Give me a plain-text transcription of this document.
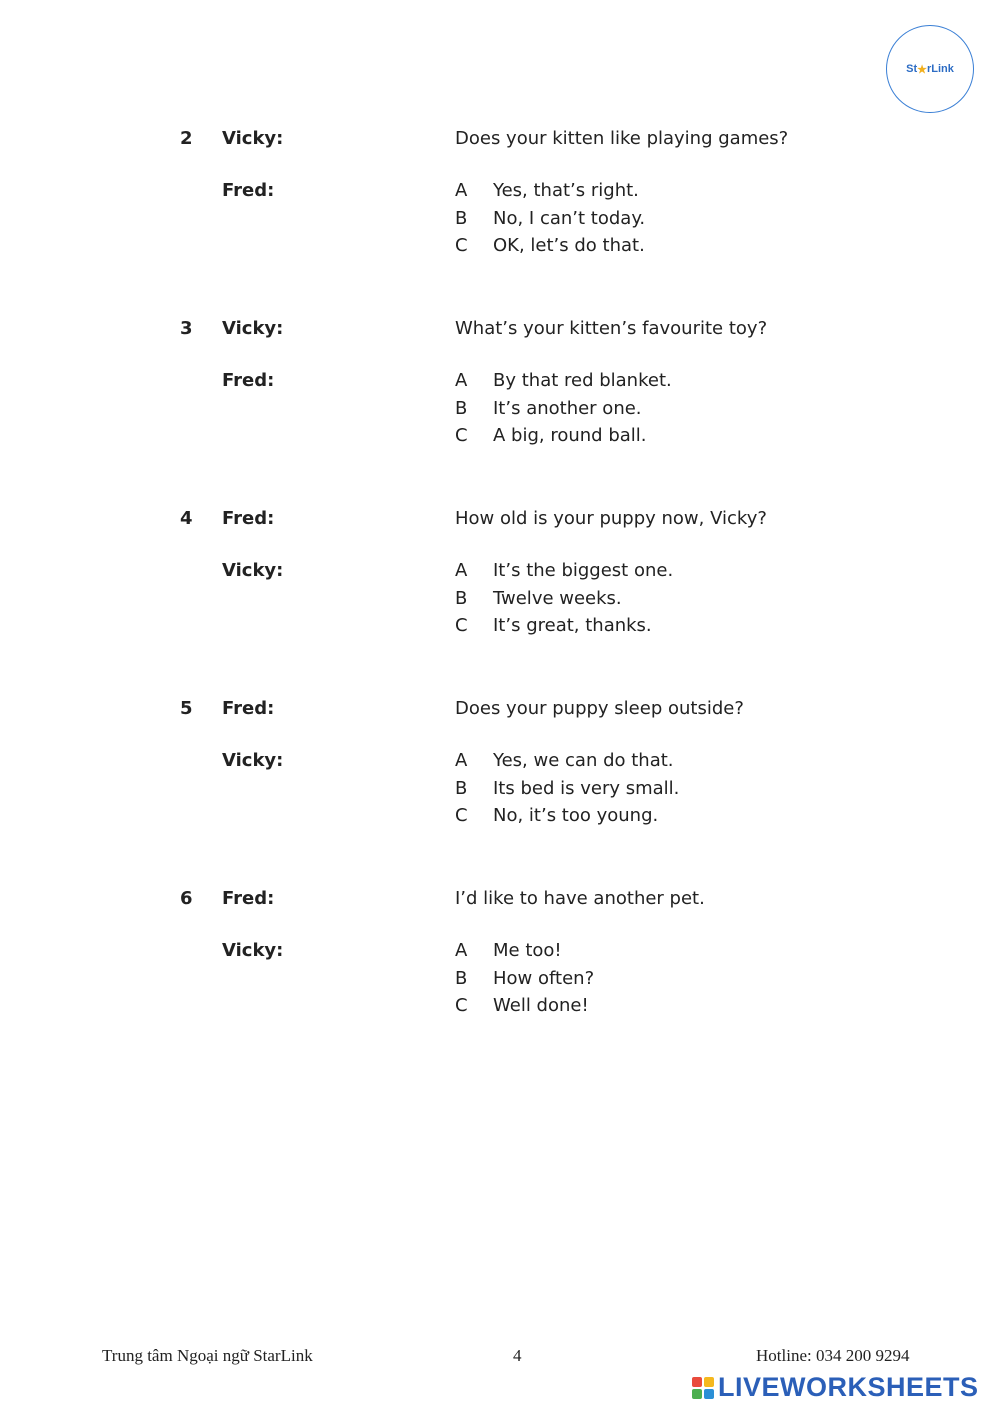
St ★ rLink
2 Vicky:
Fred:
Does your kitten like playing games?
A Yes, that’s right.
B No, I can’t today.
C OK, let’s do that.
3 Vicky:
Fred:
What’s your kitten’s favourite toy?
A By that red blanket.
B It’s another one.
C A big, round ball.
4 Fred:
Vicky:
How old is your puppy now, Vicky?
A It’s the biggest one.
B Twelve weeks.
C It’s great, thanks.
5 Fred:
Vicky:
Does your puppy sleep outside?
A Yes, we can do that.
B Its bed is very small.
C No, it’s too young.
6 Fred:
Vicky:
I’d like to have another pet.
A Me too!
B How often?
C Well done!
Trung tâm Ngoại ngữ StarLink	4	Hotline: 034 200 9294
LIVEWORKSHEETS
